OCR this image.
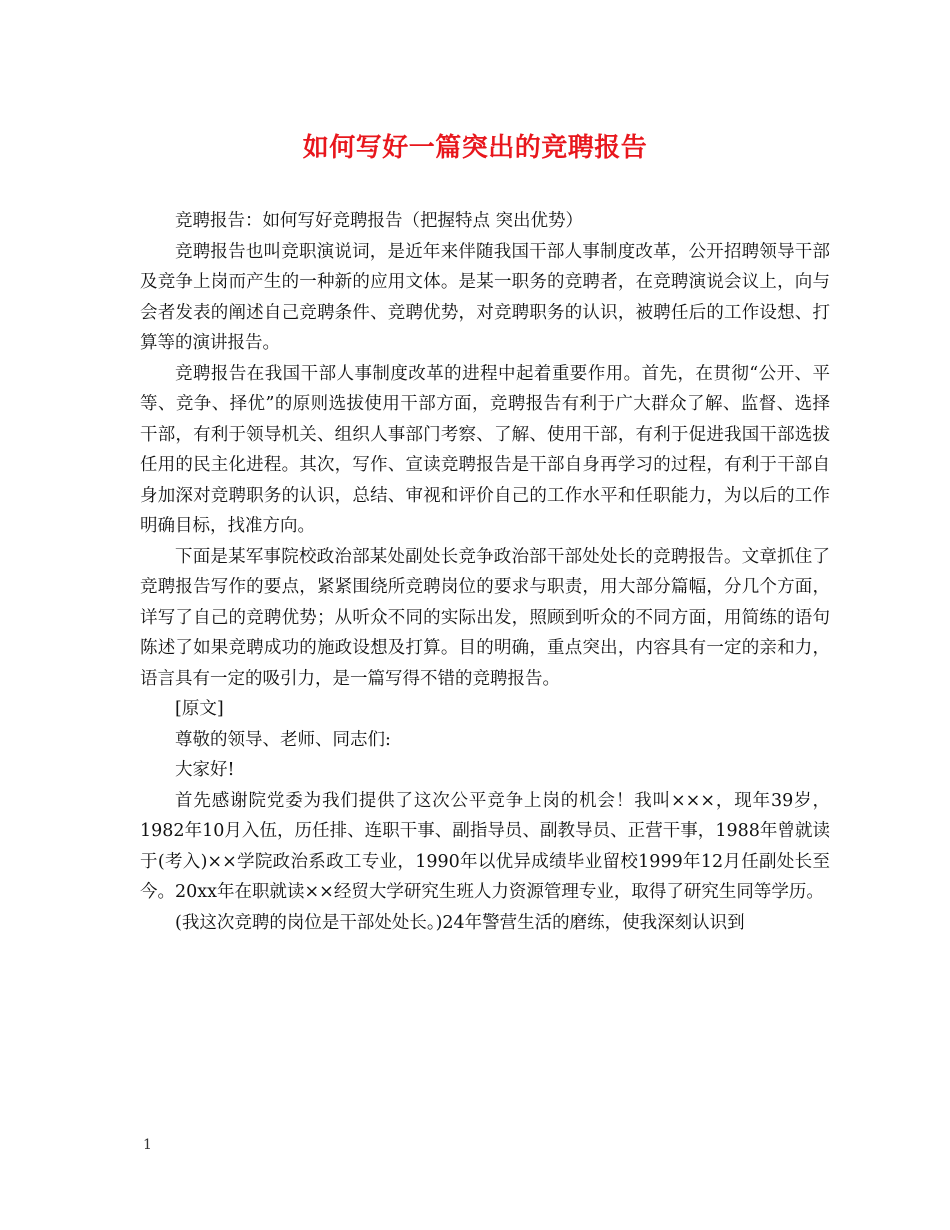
如何写好一篇突出的竞聘报告

竞聘报告：如何写好竞聘报告（把握特点 突出优势）

竞聘报告也叫竞职演说词，是近年来伴随我国干部人事制度改革，公开招聘领导干部及竞争上岗而产生的一种新的应用文体。是某一职务的竞聘者，在竞聘演说会议上，向与会者发表的阐述自己竞聘条件、竞聘优势，对竞聘职务的认识，被聘任后的工作设想、打算等的演讲报告。

竞聘报告在我国干部人事制度改革的进程中起着重要作用。首先，在贯彻“公开、平等、竞争、择优”的原则选拔使用干部方面，竞聘报告有利于广大群众了解、监督、选择干部，有利于领导机关、组织人事部门考察、了解、使用干部，有利于促进我国干部选拔任用的民主化进程。其次，写作、宣读竞聘报告是干部自身再学习的过程，有利于干部自身加深对竞聘职务的认识，总结、审视和评价自己的工作水平和任职能力，为以后的工作明确目标，找准方向。

下面是某军事院校政治部某处副处长竞争政治部干部处处长的竞聘报告。文章抓住了竞聘报告写作的要点，紧紧围绕所竞聘岗位的要求与职责，用大部分篇幅，分几个方面，详写了自己的竞聘优势；从听众不同的实际出发，照顾到听众的不同方面，用简练的语句陈述了如果竞聘成功的施政设想及打算。目的明确，重点突出，内容具有一定的亲和力，语言具有一定的吸引力，是一篇写得不错的竞聘报告。

[原文]

尊敬的领导、老师、同志们:

大家好!

首先感谢院党委为我们提供了这次公平竞争上岗的机会！我叫×××，现年39岁，1982年10月入伍，历任排、连职干事、副指导员、副教导员、正营干事，1988年曾就读于(考入)××学院政治系政工专业，1990年以优异成绩毕业留校1999年12月任副处长至今。20xx年在职就读××经贸大学研究生班人力资源管理专业，取得了研究生同等学历。

(我这次竞聘的岗位是干部处处长。)24年警营生活的磨练，使我深刻认识到

1
